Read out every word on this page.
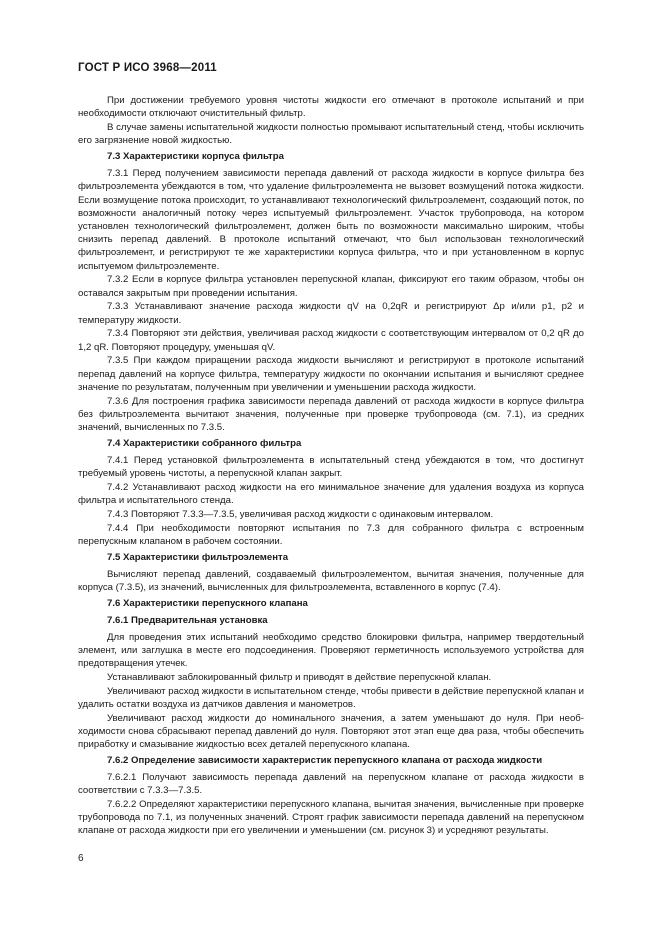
ГОСТ Р ИСО 3968—2011
При достижении требуемого уровня чистоты жидкости его отмечают в протоколе испытаний и при необходимости отключают очистительный фильтр.
В случае замены испытательной жидкости полностью промывают испытательный стенд, чтобы исключить его загрязнение новой жидкостью.
7.3 Характеристики корпуса фильтра
7.3.1 Перед получением зависимости перепада давлений от расхода жидкости в корпусе фильтра без фильтроэлемента убеждаются в том, что удаление фильтроэлемента не вызовет возмущений потока жидкости. Если возмущение потока происходит, то устанавливают технологический фильтроэлемент, создающий поток, по возможности аналогичный потоку через испытуемый фильтроэлемент. Участок трубопровода, на котором установлен технологический фильтроэлемент, должен быть по возможности максимально широким, чтобы снизить перепад давлений. В протоколе испытаний отмечают, что был использован технологический фильтроэлемент, и регистрируют те же характеристики корпуса фильтра, что и при установленном в корпус испытуемом фильтроэлементе.
7.3.2 Если в корпусе фильтра установлен перепускной клапан, фиксируют его таким образом, чтобы он оставался закрытым при проведении испытания.
7.3.3 Устанавливают значение расхода жидкости qV на 0,2qR и регистрируют Δp и/или p1, p2 и температуру жидкости.
7.3.4 Повторяют эти действия, увеличивая расход жидкости с соответствующим интервалом от 0,2 qR до 1,2 qR. Повторяют процедуру, уменьшая qV.
7.3.5 При каждом приращении расхода жидкости вычисляют и регистрируют в протоколе испытаний перепад давлений на корпусе фильтра, температуру жидкости по окончании испытания и вычисляют среднее значение по результатам, полученным при увеличении и уменьшении расхода жидкости.
7.3.6 Для построения графика зависимости перепада давлений от расхода жидкости в корпусе фильтра без фильтроэлемента вычитают значения, полученные при проверке трубопровода (см. 7.1), из средних значений, вычисленных по 7.3.5.
7.4 Характеристики собранного фильтра
7.4.1 Перед установкой фильтроэлемента в испытательный стенд убеждаются в том, что достигнут требуемый уровень чистоты, а перепускной клапан закрыт.
7.4.2 Устанавливают расход жидкости на его минимальное значение для удаления воздуха из корпуса фильтра и испытательного стенда.
7.4.3 Повторяют 7.3.3—7.3.5, увеличивая расход жидкости с одинаковым интервалом.
7.4.4 При необходимости повторяют испытания по 7.3 для собранного фильтра с встроенным перепускным клапаном в рабочем состоянии.
7.5 Характеристики фильтроэлемента
Вычисляют перепад давлений, создаваемый фильтроэлементом, вычитая значения, полученные для корпуса (7.3.5), из значений, вычисленных для фильтроэлемента, вставленного в корпус (7.4).
7.6 Характеристики перепускного клапана
7.6.1 Предварительная установка
Для проведения этих испытаний необходимо средство блокировки фильтра, например твердотельный элемент, или заглушка в месте его подсоединения. Проверяют герметичность используемого устройства для предотвращения утечек.
Устанавливают заблокированный фильтр и приводят в действие перепускной клапан.
Увеличивают расход жидкости в испытательном стенде, чтобы привести в действие перепускной клапан и удалить остатки воздуха из датчиков давления и манометров.
Увеличивают расход жидкости до номинального значения, а затем уменьшают до нуля. При необходимости снова сбрасывают перепад давлений до нуля. Повторяют этот этап еще два раза, чтобы обеспечить приработку и смазывание жидкостью всех деталей перепускного клапана.
7.6.2 Определение зависимости характеристик перепускного клапана от расхода жидкости
7.6.2.1 Получают зависимость перепада давлений на перепускном клапане от расхода жидкости в соответствии с 7.3.3—7.3.5.
7.6.2.2 Определяют характеристики перепускного клапана, вычитая значения, вычисленные при проверке трубопровода по 7.1, из полученных значений. Строят график зависимости перепада давлений на перепускном клапане от расхода жидкости при его увеличении и уменьшении (см. рисунок 3) и усредняют результаты.
6
